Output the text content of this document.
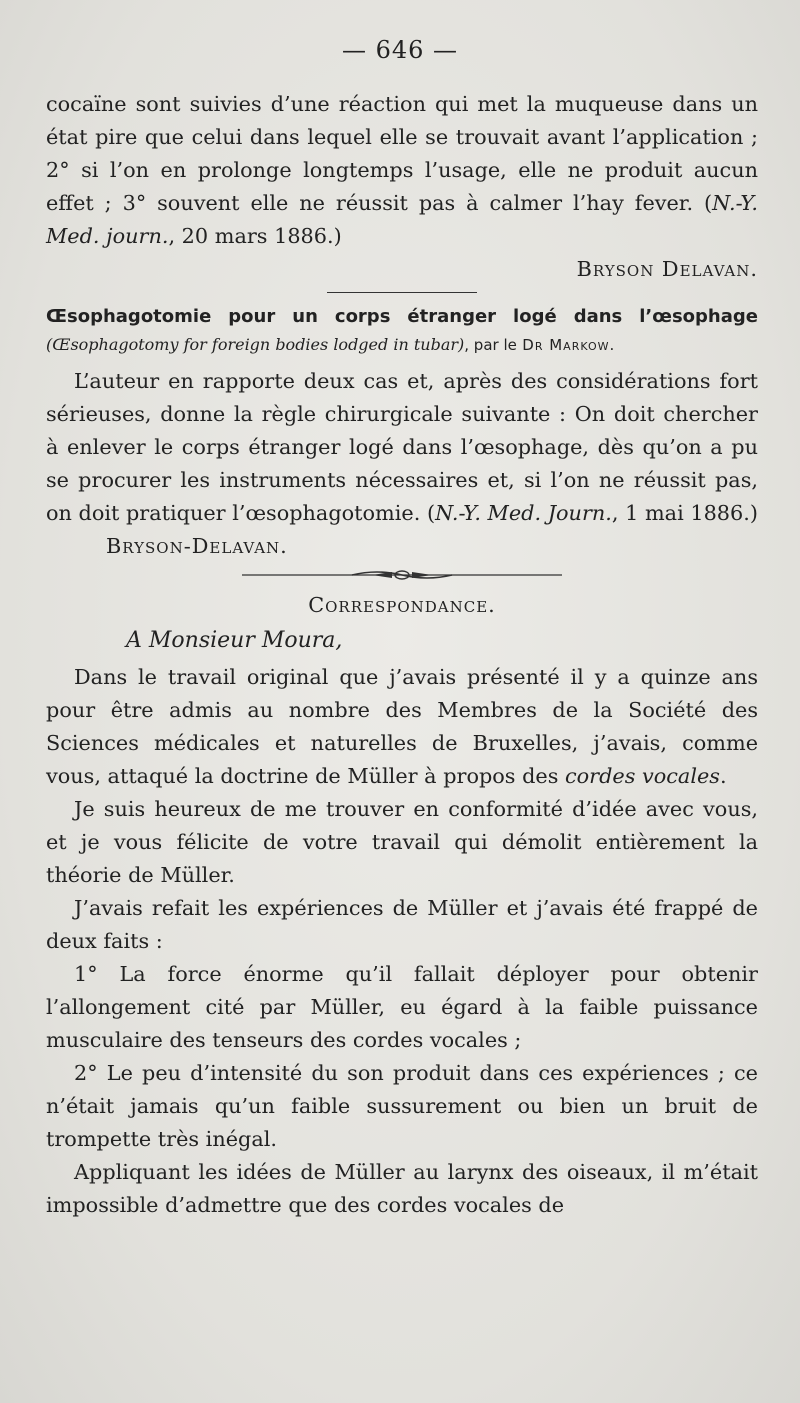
— 646 —

cocaïne sont suivies d’une réaction qui met la muqueuse dans un état pire que celui dans lequel elle se trouvait avant l’application ; 2° si l’on en prolonge longtemps l’usage, elle ne produit aucun effet ; 3° souvent elle ne réussit pas à calmer l’hay fever. (N.-Y. Med. journ., 20 mars 1886.)

Bryson Delavan.

Œsophagotomie pour un corps étranger logé dans l’œsophage (Œsophagotomy for foreign bodies lodged in tubar), par le Dr Markow.

L’auteur en rapporte deux cas et, après des considérations fort sérieuses, donne la règle chirurgicale suivante : On doit chercher à enlever le corps étranger logé dans l’œsophage, dès qu’on a pu se procurer les instruments nécessaires et, si l’on ne réussit pas, on doit pratiquer l’œsophagotomie. (N.-Y. Med. Journ., 1 mai 1886.)Bryson-Delavan.

Correspondance.

A Monsieur Moura,

Dans le travail original que j’avais présenté il y a quinze ans pour être admis au nombre des Membres de la Société des Sciences médicales et naturelles de Bruxelles, j’avais, comme vous, attaqué la doctrine de Müller à propos des cordes vocales.

Je suis heureux de me trouver en conformité d’idée avec vous, et je vous félicite de votre travail qui démolit entièrement la théorie de Müller.

J’avais refait les expériences de Müller et j’avais été frappé de deux faits :

1° La force énorme qu’il fallait déployer pour obtenir l’allongement cité par Müller, eu égard à la faible puissance musculaire des tenseurs des cordes vocales ;

2° Le peu d’intensité du son produit dans ces expériences ; ce n’était jamais qu’un faible sussurement ou bien un bruit de trompette très inégal.

Appliquant les idées de Müller au larynx des oiseaux, il m’était impossible d’admettre que des cordes vocales de
